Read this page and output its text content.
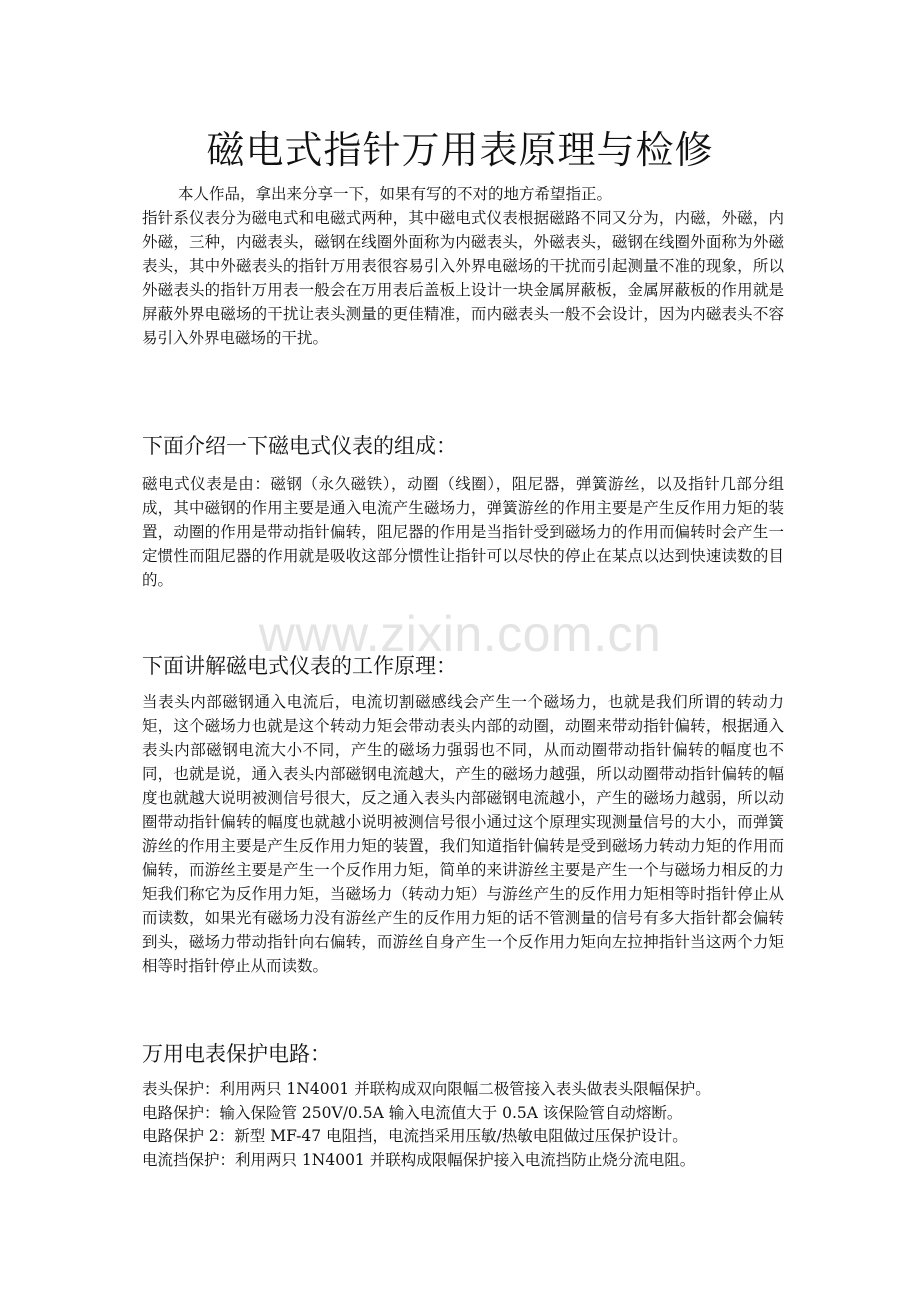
www.zixin.com.cn
磁电式指针万用表原理与检修

本人作品，拿出来分享一下，如果有写的不对的地方希望指正。

指针系仪表分为磁电式和电磁式两种，其中磁电式仪表根据磁路不同又分为，内磁，外磁，内外磁，三种，内磁表头，磁钢在线圈外面称为内磁表头，外磁表头，磁钢在线圈外面称为外磁表头，其中外磁表头的指针万用表很容易引入外界电磁场的干扰而引起测量不准的现象，所以外磁表头的指针万用表一般会在万用表后盖板上设计一块金属屏蔽板，金属屏蔽板的作用就是屏蔽外界电磁场的干扰让表头测量的更佳精准，而内磁表头一般不会设计，因为内磁表头不容易引入外界电磁场的干扰。

下面介绍一下磁电式仪表的组成：

磁电式仪表是由：磁钢（永久磁铁），动圈（线圈），阻尼器，弹簧游丝，以及指针几部分组成，其中磁钢的作用主要是通入电流产生磁场力，弹簧游丝的作用主要是产生反作用力矩的装置，动圈的作用是带动指针偏转，阻尼器的作用是当指针受到磁场力的作用而偏转时会产生一定惯性而阻尼器的作用就是吸收这部分惯性让指针可以尽快的停止在某点以达到快速读数的目的。

下面讲解磁电式仪表的工作原理：

当表头内部磁钢通入电流后，电流切割磁感线会产生一个磁场力，也就是我们所谓的转动力矩，这个磁场力也就是这个转动力矩会带动表头内部的动圈，动圈来带动指针偏转，根据通入表头内部磁钢电流大小不同，产生的磁场力强弱也不同，从而动圈带动指针偏转的幅度也不同，也就是说，通入表头内部磁钢电流越大，产生的磁场力越强，所以动圈带动指针偏转的幅度也就越大说明被测信号很大，反之通入表头内部磁钢电流越小，产生的磁场力越弱，所以动圈带动指针偏转的幅度也就越小说明被测信号很小通过这个原理实现测量信号的大小，而弹簧游丝的作用主要是产生反作用力矩的装置，我们知道指针偏转是受到磁场力转动力矩的作用而偏转，而游丝主要是产生一个反作用力矩，简单的来讲游丝主要是产生一个与磁场力相反的力矩我们称它为反作用力矩，当磁场力（转动力矩）与游丝产生的反作用力矩相等时指针停止从而读数，如果光有磁场力没有游丝产生的反作用力矩的话不管测量的信号有多大指针都会偏转到头，磁场力带动指针向右偏转，而游丝自身产生一个反作用力矩向左拉抻指针当这两个力矩相等时指针停止从而读数。

万用电表保护电路：
表头保护：利用两只 1N4001 并联构成双向限幅二极管接入表头做表头限幅保护。
电路保护：输入保险管 250V/0.5A 输入电流值大于 0.5A 该保险管自动熔断。
电路保护 2：新型 MF-47 电阻挡，电流挡采用压敏/热敏电阻做过压保护设计。
电流挡保护：利用两只 1N4001 并联构成限幅保护接入电流挡防止烧分流电阻。
